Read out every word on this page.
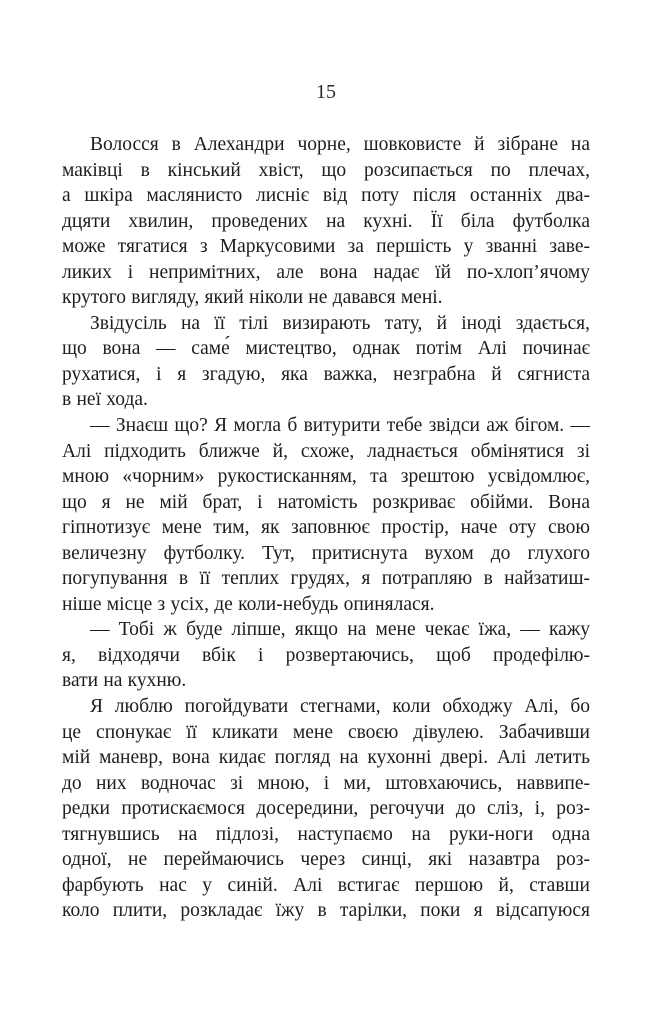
15
Волосся в Алехандри чорне, шовковисте й зібране на
маківці в кінський хвіст, що розсипається по плечах,
а шкіра маслянисто лисніє від поту після останніх два-
дцяти хвилин, проведених на кухні. Її біла футболка
може тягатися з Маркусовими за першість у званні заве-
ликих і непримітних, але вона надає їй по-хлоп’ячому
крутого вигляду, який ніколи не давався мені.
Звідусіль на її тілі визирають тату, й іноді здається,
що вона — саме́ мистецтво, однак потім Алі починає
рухатися, і я згадую, яка важка, незграбна й сягниста
в неї хода.
— Знаєш що? Я могла б витурити тебе звідси аж бігом. —
Алі підходить ближче й, схоже, ладнається обмінятися зі
мною «чорним» рукостисканням, та зрештою усвідомлює,
що я не мій брат, і натомість розкриває обійми. Вона
гіпнотизує мене тим, як заповнює простір, наче оту свою
величезну футболку. Тут, притиснута вухом до глухого
погупування в її теплих грудях, я потрапляю в найзатиш-
ніше місце з усіх, де коли-небудь опинялася.
— Тобі ж буде ліпше, якщо на мене чекає їжа, — кажу
я, відходячи вбік і розвертаючись, щоб продефілю-
вати на кухню.
Я люблю погойдувати стегнами, коли обходжу Алі, бо
це спонукає її кликати мене своєю дівулею. Забачивши
мій маневр, вона кидає погляд на кухонні двері. Алі летить
до них водночас зі мною, і ми, штовхаючись, наввипе-
редки протискаємося досередини, регочучи до сліз, і, роз-
тягнувшись на підлозі, наступаємо на руки-ноги одна
одної, не переймаючись через синці, які назавтра роз-
фарбують нас у синій. Алі встигає першою й, ставши
коло плити, розкладає їжу в тарілки, поки я відсапуюся
